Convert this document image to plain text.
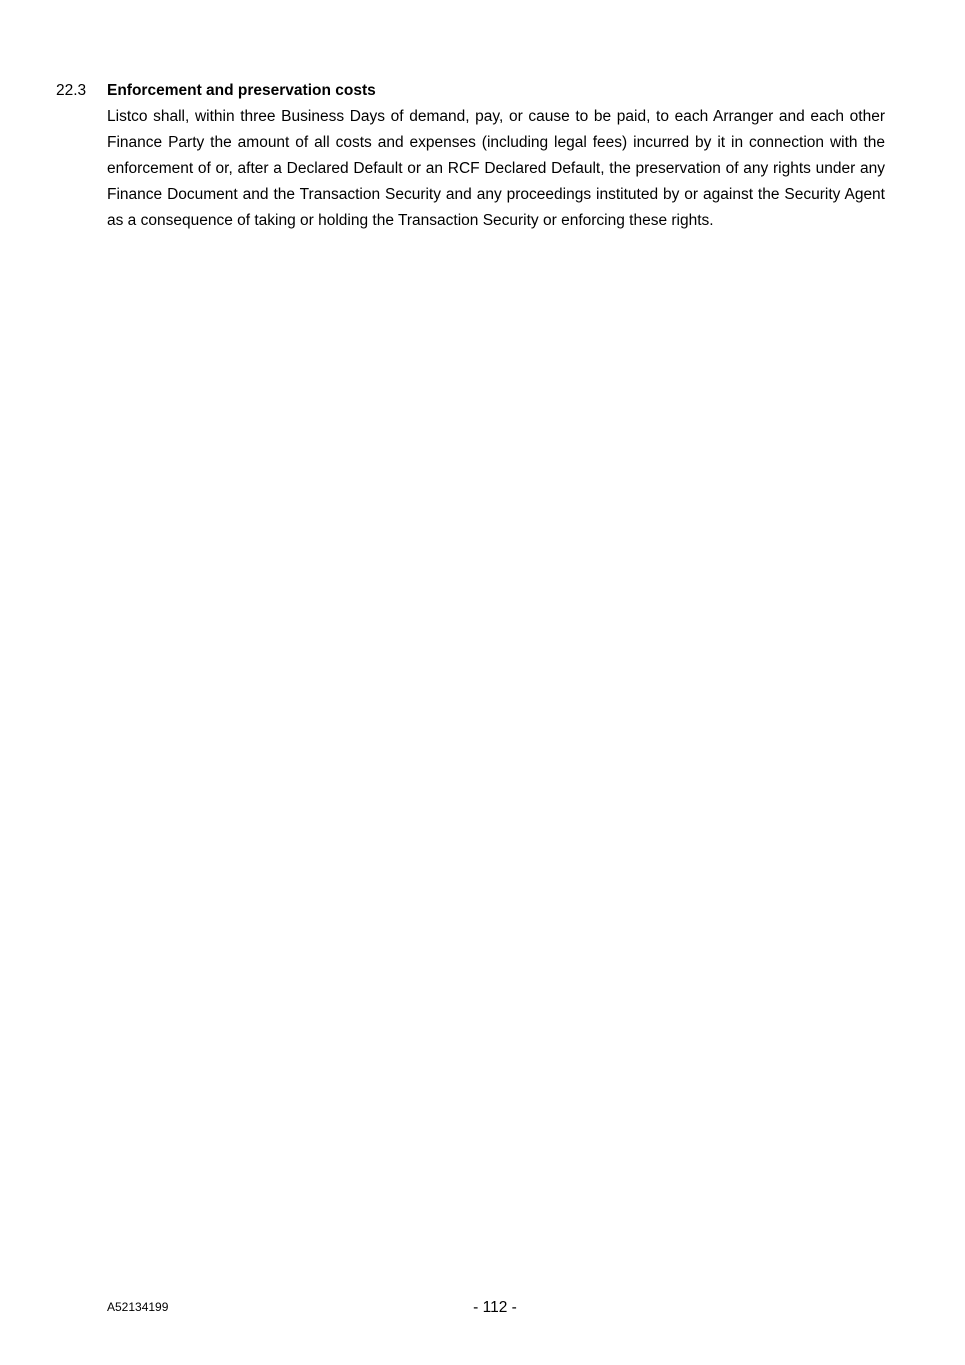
22.3 Enforcement and preservation costs

Listco shall, within three Business Days of demand, pay, or cause to be paid, to each Arranger and each other Finance Party the amount of all costs and expenses (including legal fees) incurred by it in connection with the enforcement of or, after a Declared Default or an RCF Declared Default, the preservation of any rights under any Finance Document and the Transaction Security and any proceedings instituted by or against the Security Agent as a consequence of taking or holding the Transaction Security or enforcing these rights.

A52134199	- 112 -
